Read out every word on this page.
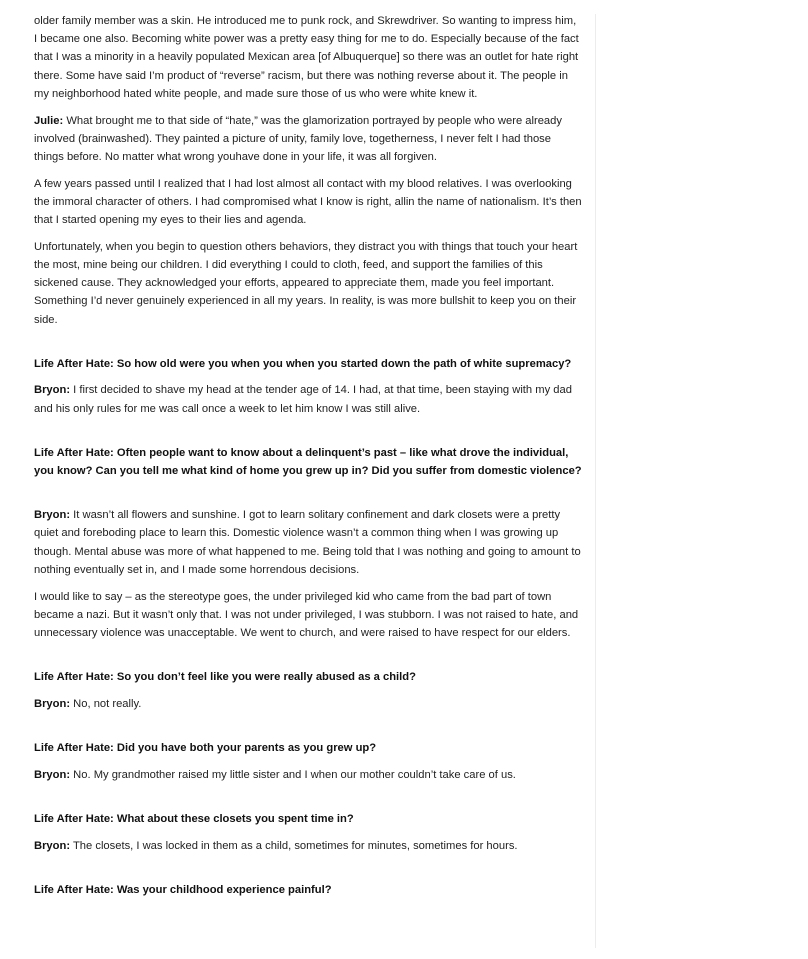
older family member was a skin. He introduced me to punk rock, and Skrewdriver. So wanting to impress him, I became one also. Becoming white power was a pretty easy thing for me to do. Especially because of the fact that I was a minority in a heavily populated Mexican area [of Albuquerque] so there was an outlet for hate right there. Some have said I’m product of “reverse” racism, but there was nothing reverse about it. The people in my neighborhood hated white people, and made sure those of us who were white knew it.

Julie: What brought me to that side of “hate,” was the glamorization portrayed by people who were already involved (brainwashed). They painted a picture of unity, family love, togetherness, I never felt I had those things before. No matter what wrong youhave done in your life, it was all forgiven.

A few years passed until I realized that I had lost almost all contact with my blood relatives. I was overlooking the immoral character of others. I had compromised what I know is right, allin the name of nationalism. It’s then that I started opening my eyes to their lies and agenda.

Unfortunately, when you begin to question others behaviors, they distract you with things that touch your heart the most, mine being our children. I did everything I could to cloth, feed, and support the families of this sickened cause. They acknowledged your efforts, appeared to appreciate them, made you feel important. Something I’d never genuinely experienced in all my years. In reality, is was more bullshit to keep you on their side.

Life After Hate: So how old were you when you when you started down the path of white supremacy?

Bryon: I first decided to shave my head at the tender age of 14. I had, at that time, been staying with my dad and his only rules for me was call once a week to let him know I was still alive.

Life After Hate: Often people want to know about a delinquent’s past – like what drove the individual, you know? Can you tell me what kind of home you grew up in? Did you suffer from domestic violence?

Bryon: It wasn’t all flowers and sunshine. I got to learn solitary confinement and dark closets were a pretty quiet and foreboding place to learn this. Domestic violence wasn’t a common thing when I was growing up though. Mental abuse was more of what happened to me. Being told that I was nothing and going to amount to nothing eventually set in, and I made some horrendous decisions.

I would like to say – as the stereotype goes, the under privileged kid who came from the bad part of town became a nazi. But it wasn’t only that. I was not under privileged, I was stubborn. I was not raised to hate, and unnecessary violence was unacceptable. We went to church, and were raised to have respect for our elders.

Life After Hate: So you don’t feel like you were really abused as a child?

Bryon: No, not really.

Life After Hate: Did you have both your parents as you grew up?

Bryon: No. My grandmother raised my little sister and I when our mother couldn’t take care of us.

Life After Hate: What about these closets you spent time in?

Bryon: The closets, I was locked in them as a child, sometimes for minutes, sometimes for hours.

Life After Hate: Was your childhood experience painful?
